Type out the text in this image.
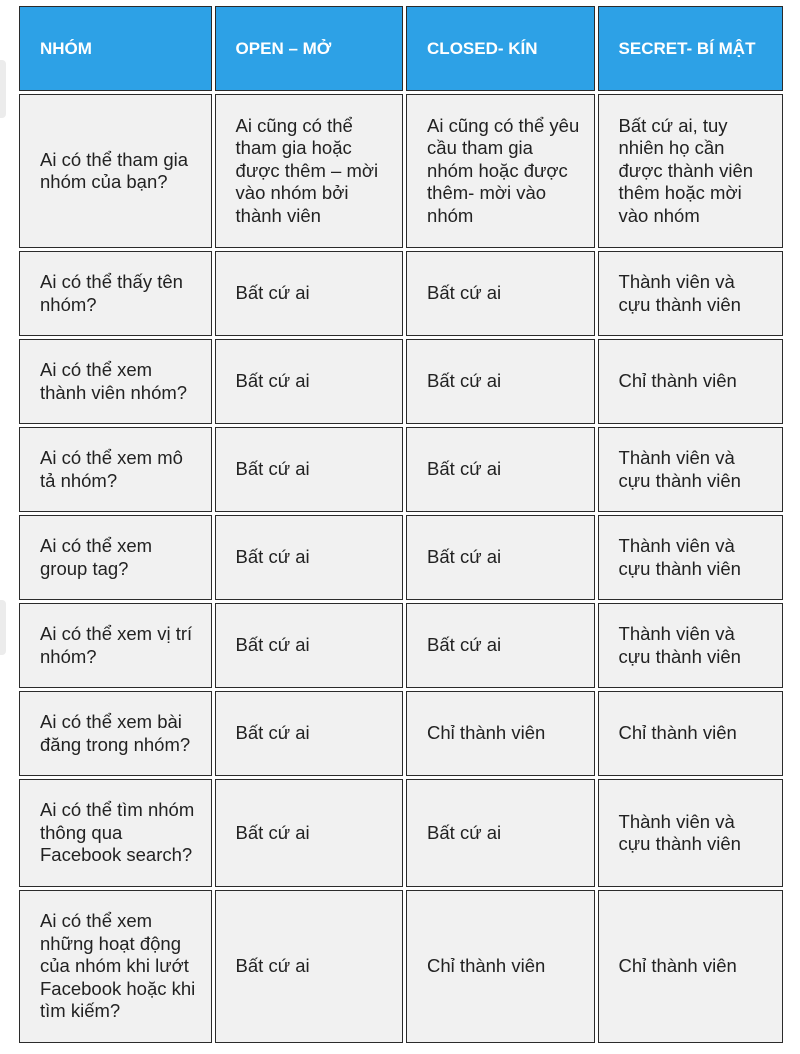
NHÓM	OPEN – MỞ	CLOSED- KÍN	SECRET- BÍ MẬT
Ai có thể tham gia nhóm của bạn?	Ai cũng có thể tham gia hoặc được thêm – mời vào nhóm bởi thành viên	Ai cũng có thể yêu cầu tham gia nhóm hoặc được thêm- mời vào nhóm	Bất cứ ai, tuy nhiên họ cần được thành viên thêm hoặc mời vào nhóm
Ai có thể thấy tên nhóm?	Bất cứ ai	Bất cứ ai	Thành viên và cựu thành viên
Ai có thể xem thành viên nhóm?	Bất cứ ai	Bất cứ ai	Chỉ thành viên
Ai có thể xem mô tả nhóm?	Bất cứ ai	Bất cứ ai	Thành viên và cựu thành viên
Ai có thể xem group tag?	Bất cứ ai	Bất cứ ai	Thành viên và cựu thành viên
Ai có thể xem vị trí nhóm?	Bất cứ ai	Bất cứ ai	Thành viên và cựu thành viên
Ai có thể xem bài đăng trong nhóm?	Bất cứ ai	Chỉ thành viên	Chỉ thành viên
Ai có thể tìm nhóm thông qua Facebook search?	Bất cứ ai	Bất cứ ai	Thành viên và cựu thành viên
Ai có thể xem những hoạt động của nhóm khi lướt Facebook hoặc khi tìm kiếm?	Bất cứ ai	Chỉ thành viên	Chỉ thành viên
